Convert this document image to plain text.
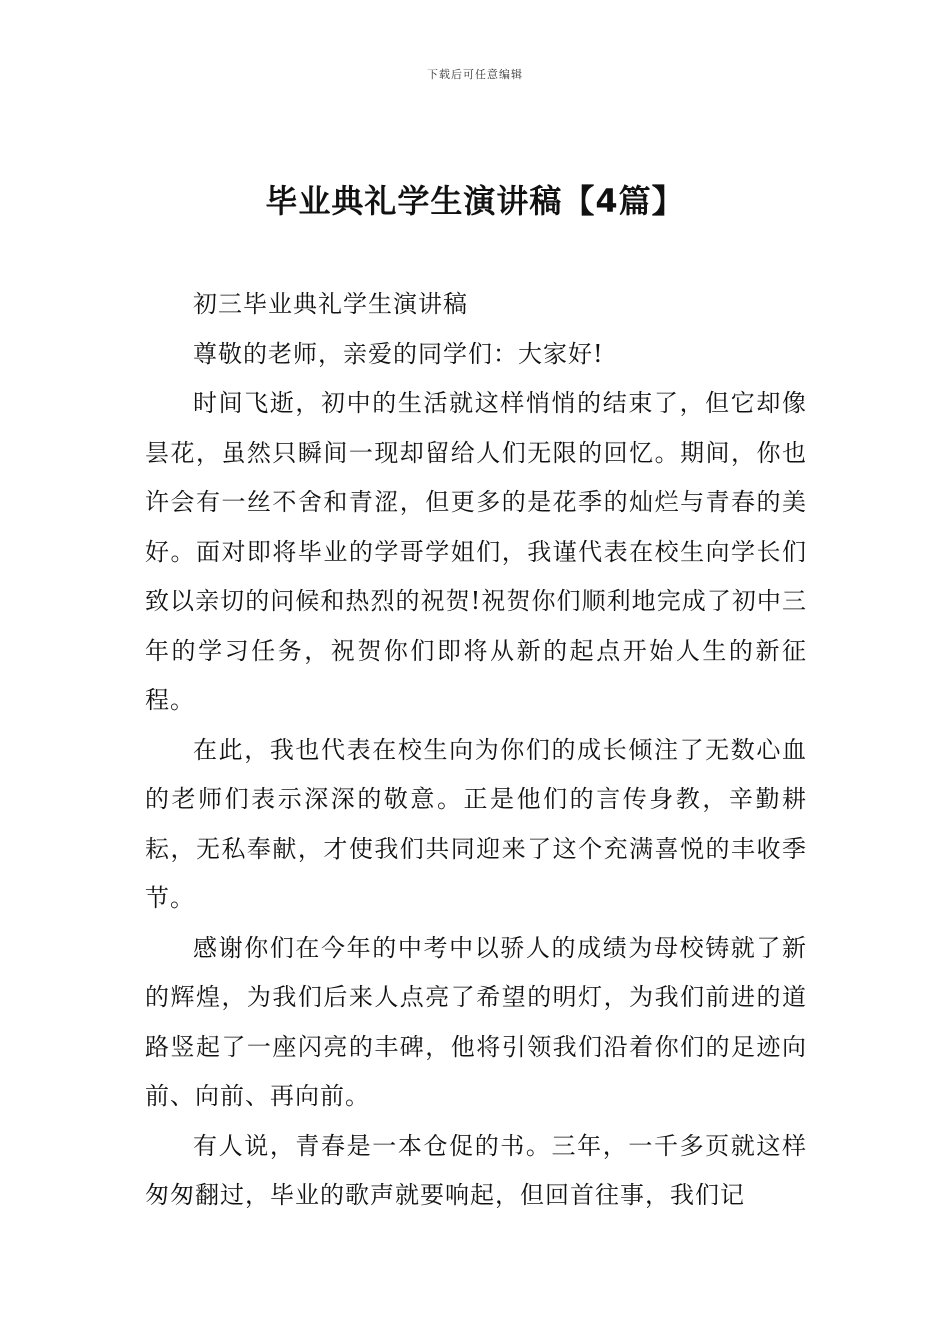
下载后可任意编辑
毕业典礼学生演讲稿【4篇】

初三毕业典礼学生演讲稿

尊敬的老师，亲爱的同学们：大家好!

时间飞逝，初中的生活就这样悄悄的结束了，但它却像昙花，虽然只瞬间一现却留给人们无限的回忆。期间，你也许会有一丝不舍和青涩，但更多的是花季的灿烂与青春的美好。面对即将毕业的学哥学姐们，我谨代表在校生向学长们致以亲切的问候和热烈的祝贺!祝贺你们顺利地完成了初中三年的学习任务，祝贺你们即将从新的起点开始人生的新征程。

在此，我也代表在校生向为你们的成长倾注了无数心血的老师们表示深深的敬意。正是他们的言传身教，辛勤耕耘，无私奉献，才使我们共同迎来了这个充满喜悦的丰收季节。

感谢你们在今年的中考中以骄人的成绩为母校铸就了新的辉煌，为我们后来人点亮了希望的明灯，为我们前进的道路竖起了一座闪亮的丰碑，他将引领我们沿着你们的足迹向前、向前、再向前。

有人说，青春是一本仓促的书。三年，一千多页就这样匆匆翻过，毕业的歌声就要响起，但回首往事，我们记
